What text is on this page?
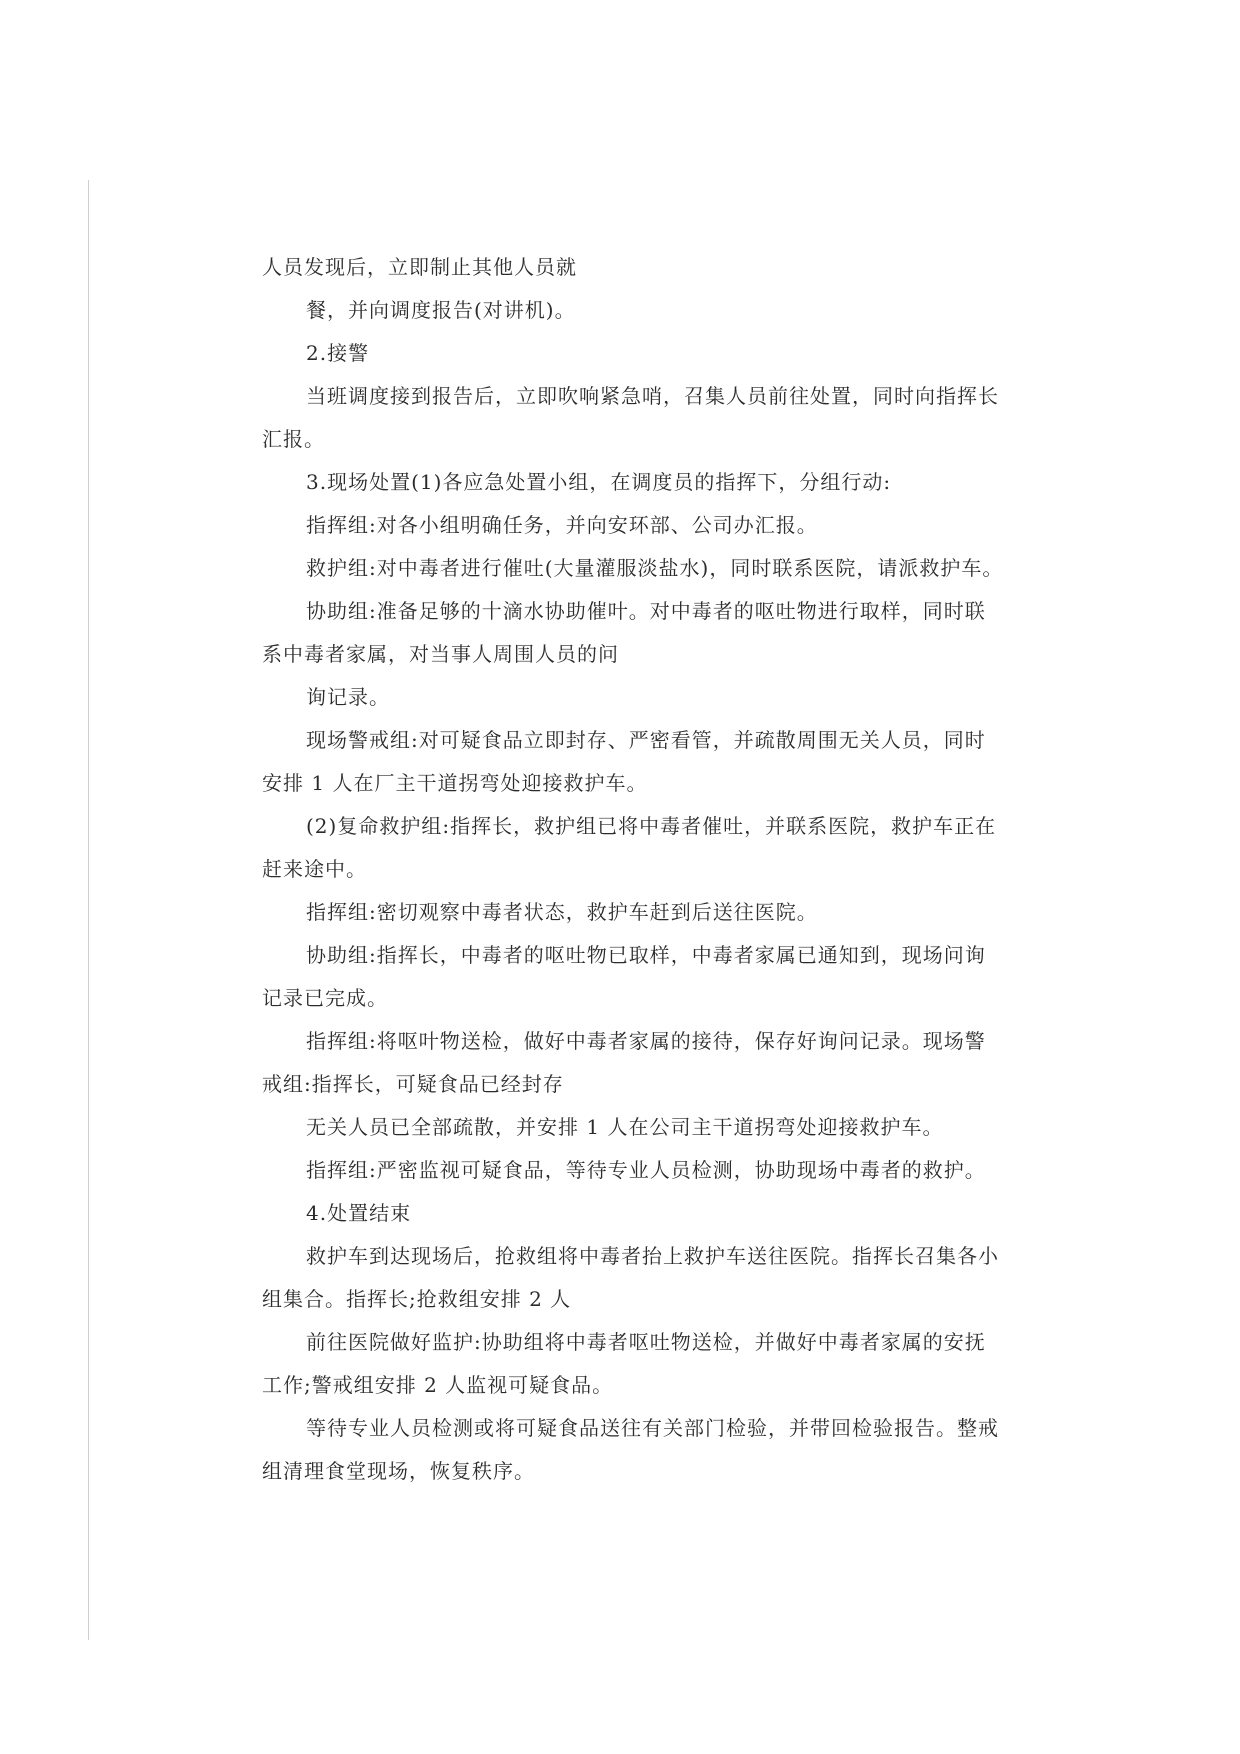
人员发现后，立即制止其他人员就
餐，并向调度报告(对讲机)。
2.接警
当班调度接到报告后，立即吹响紧急哨，召集人员前往处置，同时向指挥长
汇报。
3.现场处置(1)各应急处置小组，在调度员的指挥下，分组行动:
指挥组:对各小组明确任务，并向安环部、公司办汇报。
救护组:对中毒者进行催吐(大量灌服淡盐水)，同时联系医院，请派救护车。
协助组:准备足够的十滴水协助催叶。对中毒者的呕吐物进行取样，同时联
系中毒者家属，对当事人周围人员的问
询记录。
现场警戒组:对可疑食品立即封存、严密看管，并疏散周围无关人员，同时
安排 1 人在厂主干道拐弯处迎接救护车。
(2)复命救护组:指挥长，救护组已将中毒者催吐，并联系医院，救护车正在
赶来途中。
指挥组:密切观察中毒者状态，救护车赶到后送往医院。
协助组:指挥长，中毒者的呕吐物已取样，中毒者家属已通知到，现场问询
记录已完成。
指挥组:将呕叶物送检，做好中毒者家属的接待，保存好询问记录。现场警
戒组:指挥长，可疑食品已经封存
无关人员已全部疏散，并安排 1 人在公司主干道拐弯处迎接救护车。
指挥组:严密监视可疑食品，等待专业人员检测，协助现场中毒者的救护。
4.处置结束
救护车到达现场后，抢救组将中毒者抬上救护车送往医院。指挥长召集各小
组集合。指挥长;抢救组安排 2 人
前往医院做好监护:协助组将中毒者呕吐物送检，并做好中毒者家属的安抚
工作;警戒组安排 2 人监视可疑食品。
等待专业人员检测或将可疑食品送往有关部门检验，并带回检验报告。整戒
组清理食堂现场，恢复秩序。
